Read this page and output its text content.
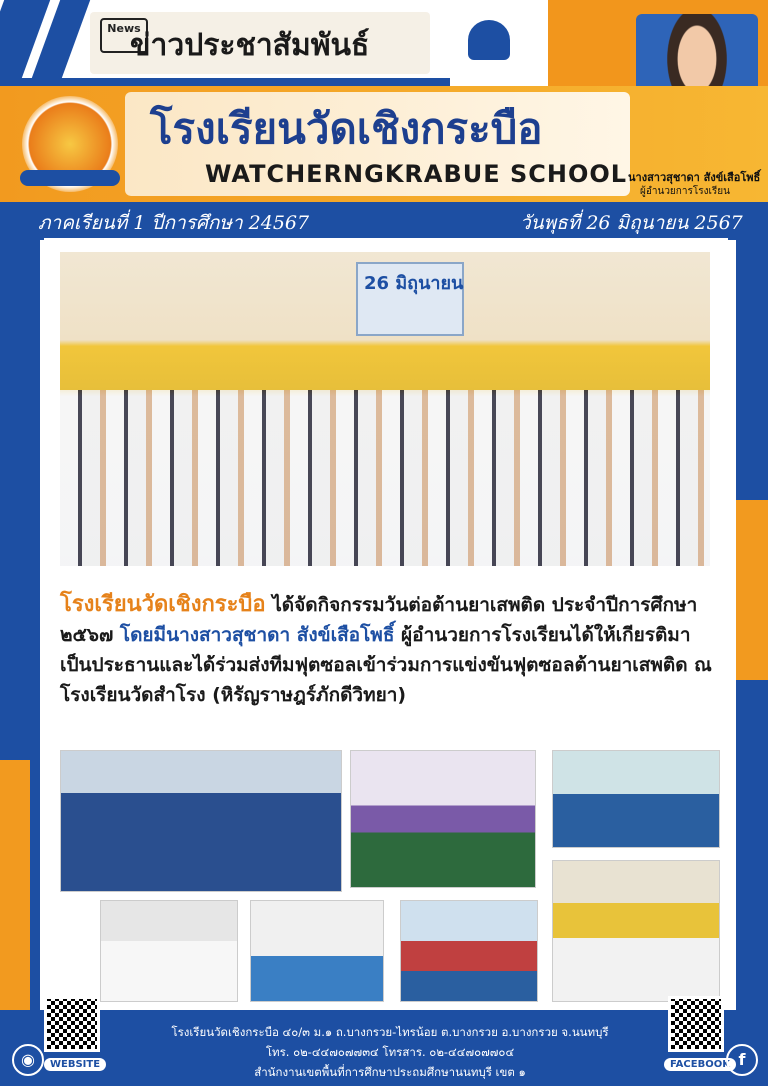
News
ข่าวประชาสัมพันธ์
โรงเรียนวัดเชิงกระบือ
WATCHERNGKRABUE SCHOOL นางสาวสุชาดา สังข์เสือโพธิ์
ผู้อำนวยการโรงเรียน
ภาคเรียนที่ 1 ปีการศึกษา 24567	วันพุธที่ 26 มิถุนายน 2567
26 มิถุนายน
โรงเรียนวัดเชิงกระบือ ได้จัดกิจกรรมวันต่อต้านยาเสพติด ประจำปีการศึกษา ๒๕๖๗ โดยมีนางสาวสุชาดา สังข์เสือโพธิ์ ผู้อำนวยการโรงเรียนได้ให้เกียรติมาเป็นประธานและได้ร่วมส่งทีมฟุตซอลเข้าร่วมการแข่งขันฟุตซอลต้านยาเสพติด ณ โรงเรียนวัดสำโรง (หิรัญราษฎร์ภักดีวิทยา)
◉	WEBSITE	FACEBOOK f
โรงเรียนวัดเชิงกระบือ ๔๐/๓ ม.๑ ถ.บางกรวย-ไทรน้อย ต.บางกรวย อ.บางกรวย จ.นนทบุรี
โทร. ๐๒-๔๔๗๐๗๗๓๔ โทรสาร. ๐๒-๔๔๗๐๗๗๐๔
สำนักงานเขตพื้นที่การศึกษาประถมศึกษานนทบุรี เขต ๑
